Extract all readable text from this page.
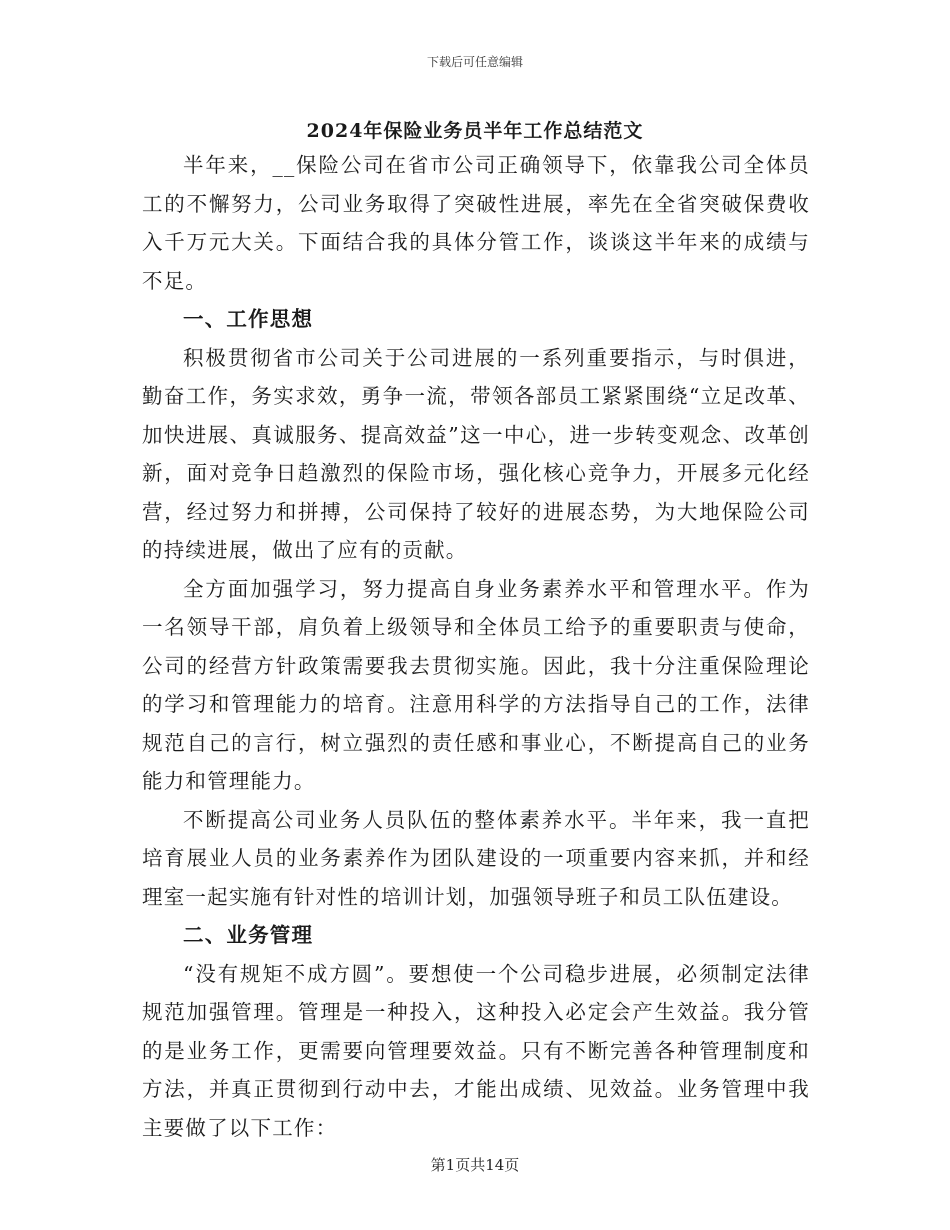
下载后可任意编辑
2024年保险业务员半年工作总结范文

半年来，__保险公司在省市公司正确领导下，依靠我公司全体员工的不懈努力，公司业务取得了突破性进展，率先在全省突破保费收入千万元大关。下面结合我的具体分管工作，谈谈这半年来的成绩与不足。

一、工作思想

积极贯彻省市公司关于公司进展的一系列重要指示，与时俱进，勤奋工作，务实求效，勇争一流，带领各部员工紧紧围绕“立足改革、加快进展、真诚服务、提高效益”这一中心，进一步转变观念、改革创新，面对竞争日趋激烈的保险市场，强化核心竞争力，开展多元化经营，经过努力和拼搏，公司保持了较好的进展态势，为大地保险公司的持续进展，做出了应有的贡献。

全方面加强学习，努力提高自身业务素养水平和管理水平。作为一名领导干部，肩负着上级领导和全体员工给予的重要职责与使命，公司的经营方针政策需要我去贯彻实施。因此，我十分注重保险理论的学习和管理能力的培育。注意用科学的方法指导自己的工作，法律规范自己的言行，树立强烈的责任感和事业心，不断提高自己的业务能力和管理能力。

不断提高公司业务人员队伍的整体素养水平。半年来，我一直把培育展业人员的业务素养作为团队建设的一项重要内容来抓，并和经理室一起实施有针对性的培训计划，加强领导班子和员工队伍建设。

二、业务管理

“没有规矩不成方圆”。要想使一个公司稳步进展，必须制定法律规范加强管理。管理是一种投入，这种投入必定会产生效益。我分管的是业务工作，更需要向管理要效益。只有不断完善各种管理制度和方法，并真正贯彻到行动中去，才能出成绩、见效益。业务管理中我主要做了以下工作：

第1页共14页
